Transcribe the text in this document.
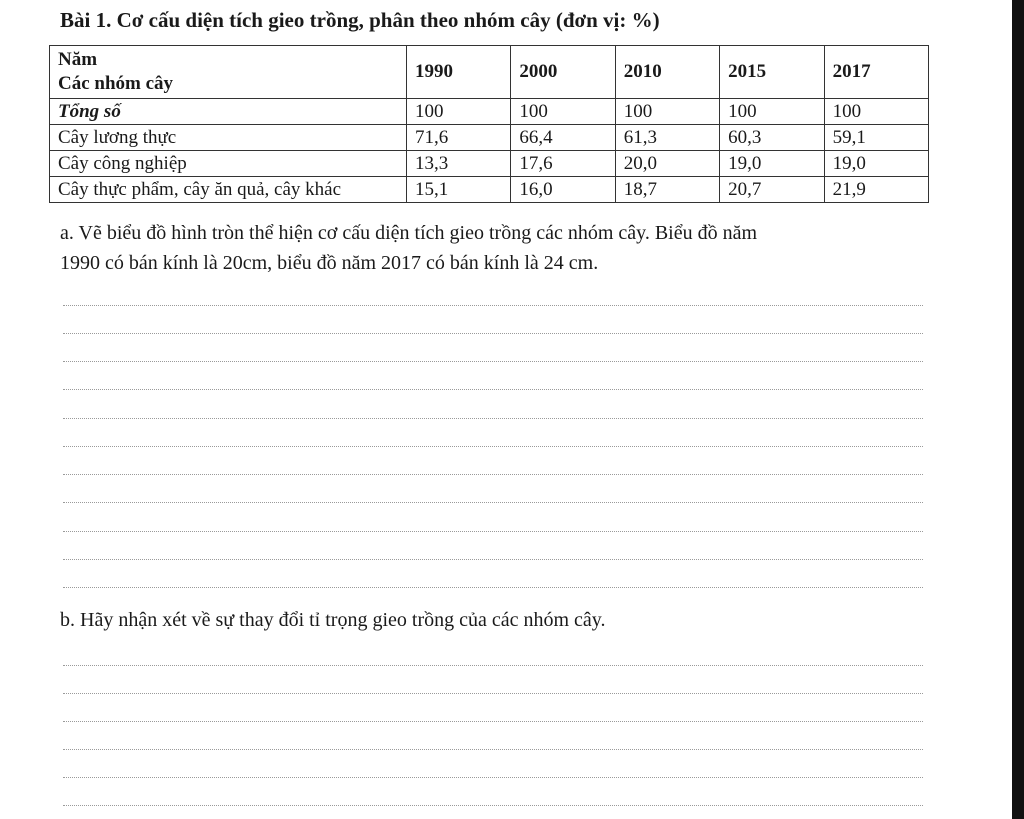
Bài 1. Cơ cấu diện tích gieo trồng, phân theo nhóm cây (đơn vị: %)
Năm
Các nhóm cây	1990	2000	2010	2015	2017
Tổng số	100	100	100	100	100
Cây lương thực	71,6	66,4	61,3	60,3	59,1
Cây công nghiệp	13,3	17,6	20,0	19,0	19,0
Cây thực phẩm, cây ăn quả, cây khác	15,1	16,0	18,7	20,7	21,9
a. Vẽ biểu đồ hình tròn thể hiện cơ cấu diện tích gieo trồng các nhóm cây. Biểu đồ năm
1990 có bán kính là 20cm, biểu đồ năm 2017 có bán kính là 24 cm.
b. Hãy nhận xét về sự thay đổi tỉ trọng gieo trồng của các nhóm cây.
